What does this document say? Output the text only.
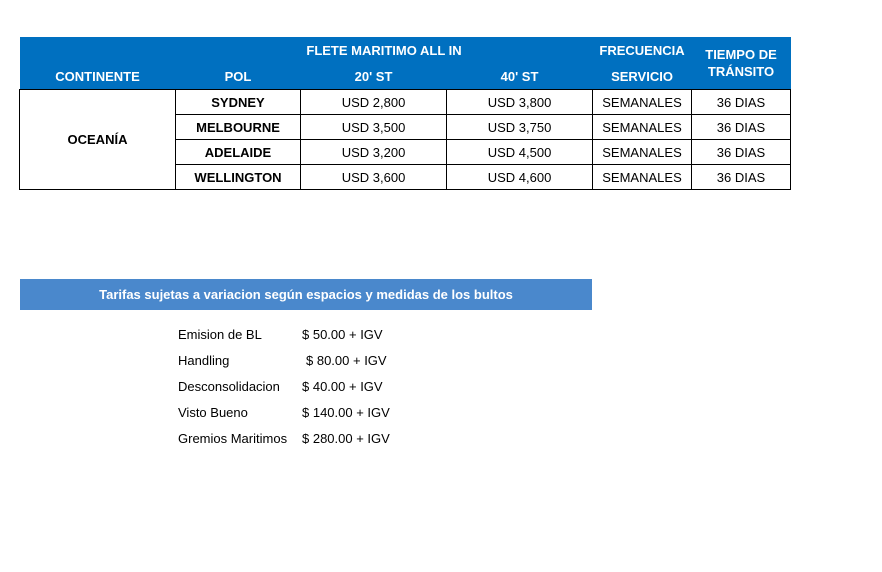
	FLETE MARITIMO ALL IN			FRECUENCIA	TIEMPO DE TRÁNSITO
CONTINENTE	POL	20' ST	40' ST	SERVICIO	
OCEANÍA	SYDNEY	USD 2,800	USD 3,800	SEMANALES	36 DIAS
	MELBOURNE	USD 3,500	USD 3,750	SEMANALES	36 DIAS
	ADELAIDE	USD 3,200	USD 4,500	SEMANALES	36 DIAS
	WELLINGTON	USD 3,600	USD 4,600	SEMANALES	36 DIAS
Tarifas sujetas a variacion según espacios y medidas de los bultos
Emision de BL	$ 50.00 + IGV
Handling	$ 80.00 + IGV
Desconsolidacion $ 40.00 + IGV
Visto Bueno	$ 140.00 + IGV
Gremios Maritimos $ 280.00 + IGV
